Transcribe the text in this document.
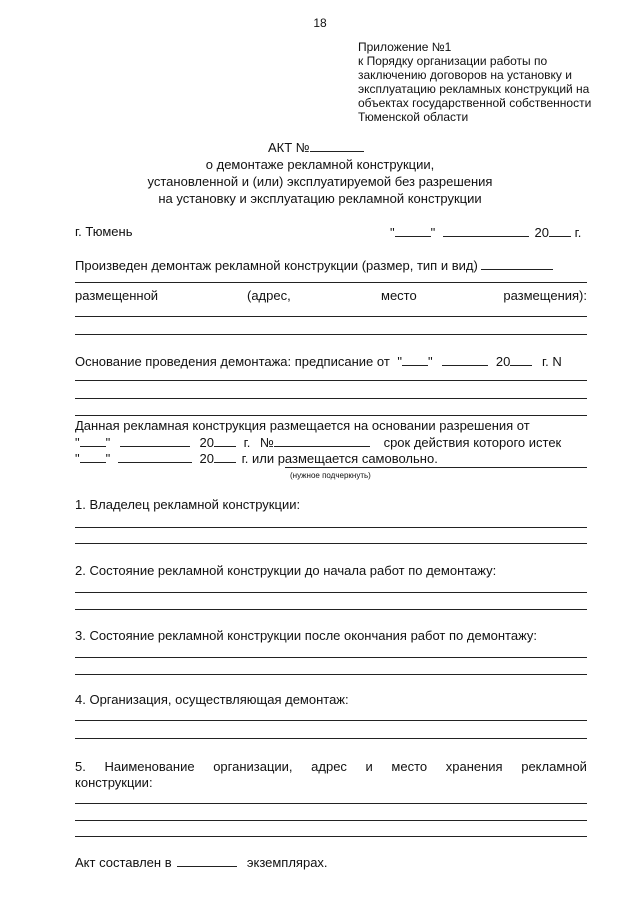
18
Приложение №1
к Порядку организации работы по
заключению договоров на установку и
эксплуатацию рекламных конструкций на
объектах государственной собственности
Тюменской области
АКТ №
о демонтаже рекламной конструкции,
установленной и (или) эксплуатируемой без разрешения
на установку и эксплуатацию рекламной конструкции
г. Тюмень	"	"	20 г.
Произведен демонтаж рекламной конструкции (размер, тип и вид)
размещенной	(адрес,	место	размещения):
Основание проведения демонтажа: предписание от " "	20 г. N
Данная рекламная конструкция размещается на основании разрешения от
" "	20 г. №	срок действия которого истек
" "	20 г. или размещается самовольно.
(нужное подчеркнуть)
1. Владелец рекламной конструкции:
2. Состояние рекламной конструкции до начала работ по демонтажу:
3. Состояние рекламной конструкции после окончания работ по демонтажу:
4. Организация, осуществляющая демонтаж:
5. Наименование организации, адрес и место хранения рекламной
конструкции:
Акт составлен в	экземплярах.
